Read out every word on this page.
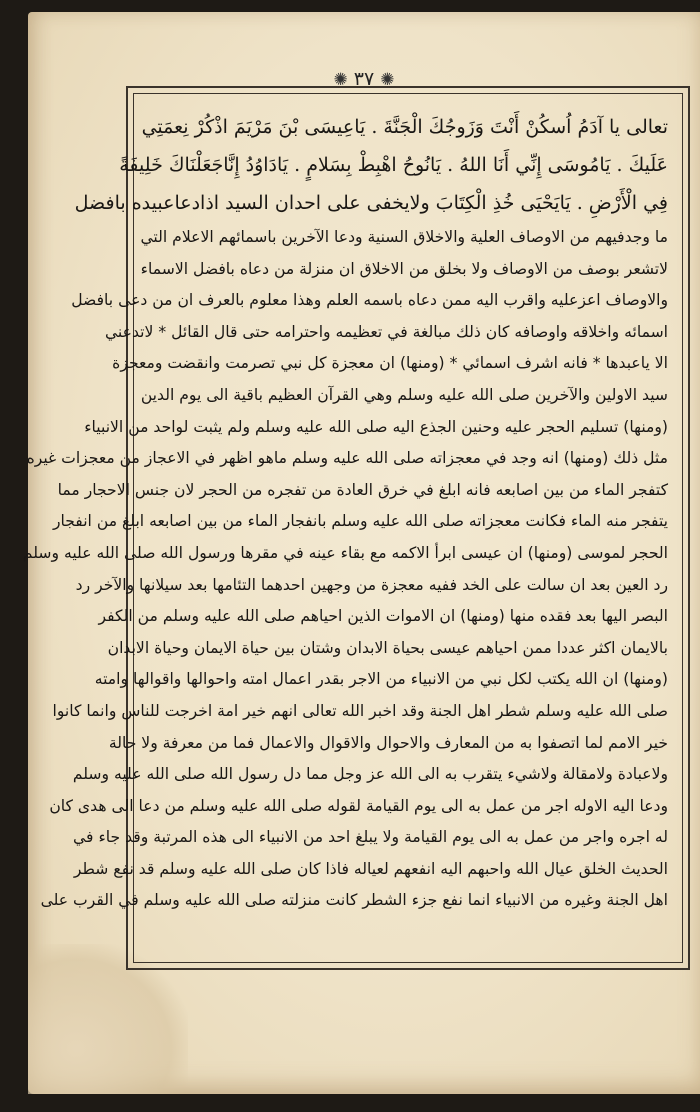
✺ ٣٧ ✺
تعالى يا آدَمُ اُسكُنْ أَنْتَ وَزَوجُكَ الْجَنَّةَ . يَاعِيسَى بْنَ مَرْيَمَ اذْكُرْ نِعمَتِي
عَلَيكَ . يَامُوسَى إِنِّي أَنَا اللهُ . يَانُوحُ اهْبِطْ بِسَلامٍ . يَادَاوُدُ إِنَّاجَعَلْنَاكَ خَلِيفَةً
فِي الْأَرْضِ . يَايَحْيَى خُذِ الْكِتَابَ ولايخفى على احدان السيد اذادعاعبيده بافضل
ما وجدفيهم من الاوصاف العلية والاخلاق السنية ودعا الآخرين باسمائهم الاعلام التي
لاتشعر بوصف من الاوصاف ولا بخلق من الاخلاق ان منزلة من دعاه بافضل الاسماء
والاوصاف اعزعليه واقرب اليه ممن دعاه باسمه العلم وهذا معلوم بالعرف ان من دعى بافضل
اسمائه واخلاقه واوصافه كان ذلك مبالغة في تعظيمه واحترامه حتى قال القائل * لاتدعني
الا ياعبدها * فانه اشرف اسمائي * (ومنها) ان معجزة كل نبي تصرمت وانقضت ومعجزة
سيد الاولين والآخرين صلى الله عليه وسلم وهي القرآن العظيم باقية الى يوم الدين
(ومنها) تسليم الحجر عليه وحنين الجذع اليه صلى الله عليه وسلم ولم يثبت لواحد من الانبياء
مثل ذلك (ومنها) انه وجد في معجزاته صلى الله عليه وسلم ماهو اظهر في الاعجاز من معجزات غيره
كتفجر الماء من بين اصابعه فانه ابلغ في خرق العادة من تفجره من الحجر لان جنس الاحجار مما
يتفجر منه الماء فكانت معجزاته صلى الله عليه وسلم بانفجار الماء من بين اصابعه ابلغ من انفجار
الحجر لموسى (ومنها) ان عيسى ابرأ الاكمه مع بقاء عينه في مقرها ورسول الله صلى الله عليه وسلم
رد العين بعد ان سالت على الخد ففيه معجزة من وجهين احدهما التئامها بعد سيلانها والآخر رد
البصر اليها بعد فقده منها (ومنها) ان الاموات الذين احياهم صلى الله عليه وسلم من الكفر
بالايمان اكثر عددا ممن احياهم عيسى بحياة الابدان وشتان بين حياة الايمان وحياة الابدان
(ومنها) ان الله يكتب لكل نبي من الانبياء من الاجر بقدر اعمال امته واحوالها واقوالها وامته
صلى الله عليه وسلم شطر اهل الجنة وقد اخبر الله تعالى انهم خير امة اخرجت للناس وانما كانوا
خير الامم لما اتصفوا به من المعارف والاحوال والاقوال والاعمال فما من معرفة ولا حالة
ولاعبادة ولامقالة ولاشيء يتقرب به الى الله عز وجل مما دل رسول الله صلى الله عليه وسلم
ودعا اليه الاوله اجر من عمل به الى يوم القيامة لقوله صلى الله عليه وسلم من دعا الى هدى كان
له اجره واجر من عمل به الى يوم القيامة ولا يبلغ احد من الانبياء الى هذه المرتبة وقد جاء في
الحديث الخلق عيال الله واحبهم اليه انفعهم لعياله فاذا كان صلى الله عليه وسلم قد نفع شطر
اهل الجنة وغيره من الانبياء انما نفع جزء الشطر كانت منزلته صلى الله عليه وسلم في القرب على
